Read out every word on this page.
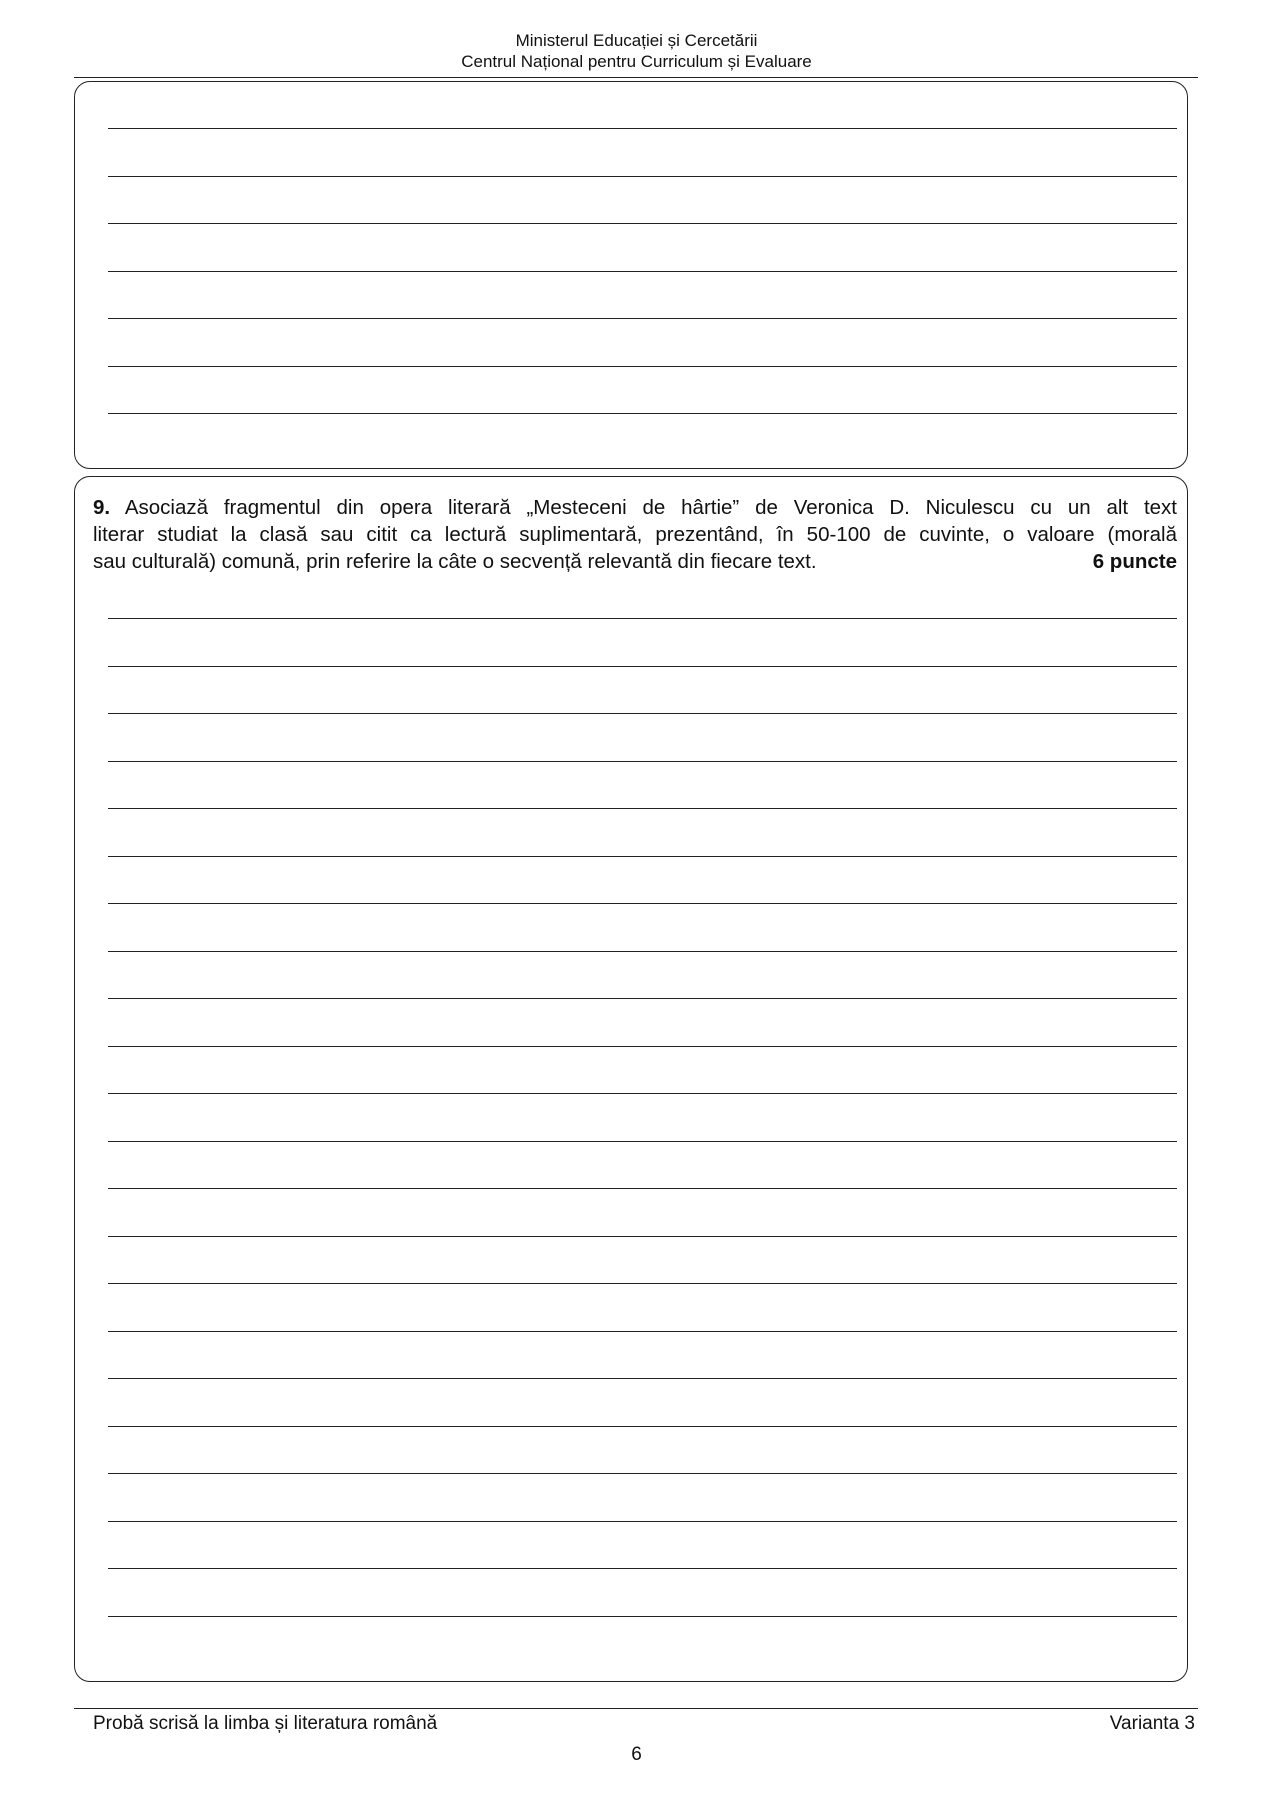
Ministerul Educației și Cercetării
Centrul Național pentru Curriculum și Evaluare
9. Asociază fragmentul din opera literară „Mesteceni de hârtie” de Veronica D. Niculescu cu un alt text
literar studiat la clasă sau citit ca lectură suplimentară, prezentând, în 50-100 de cuvinte, o valoare (morală
sau culturală) comună, prin referire la câte o secvență relevantă din fiecare text.	6 puncte
Probă scrisă la limba și literatura română	Varianta 3
6
